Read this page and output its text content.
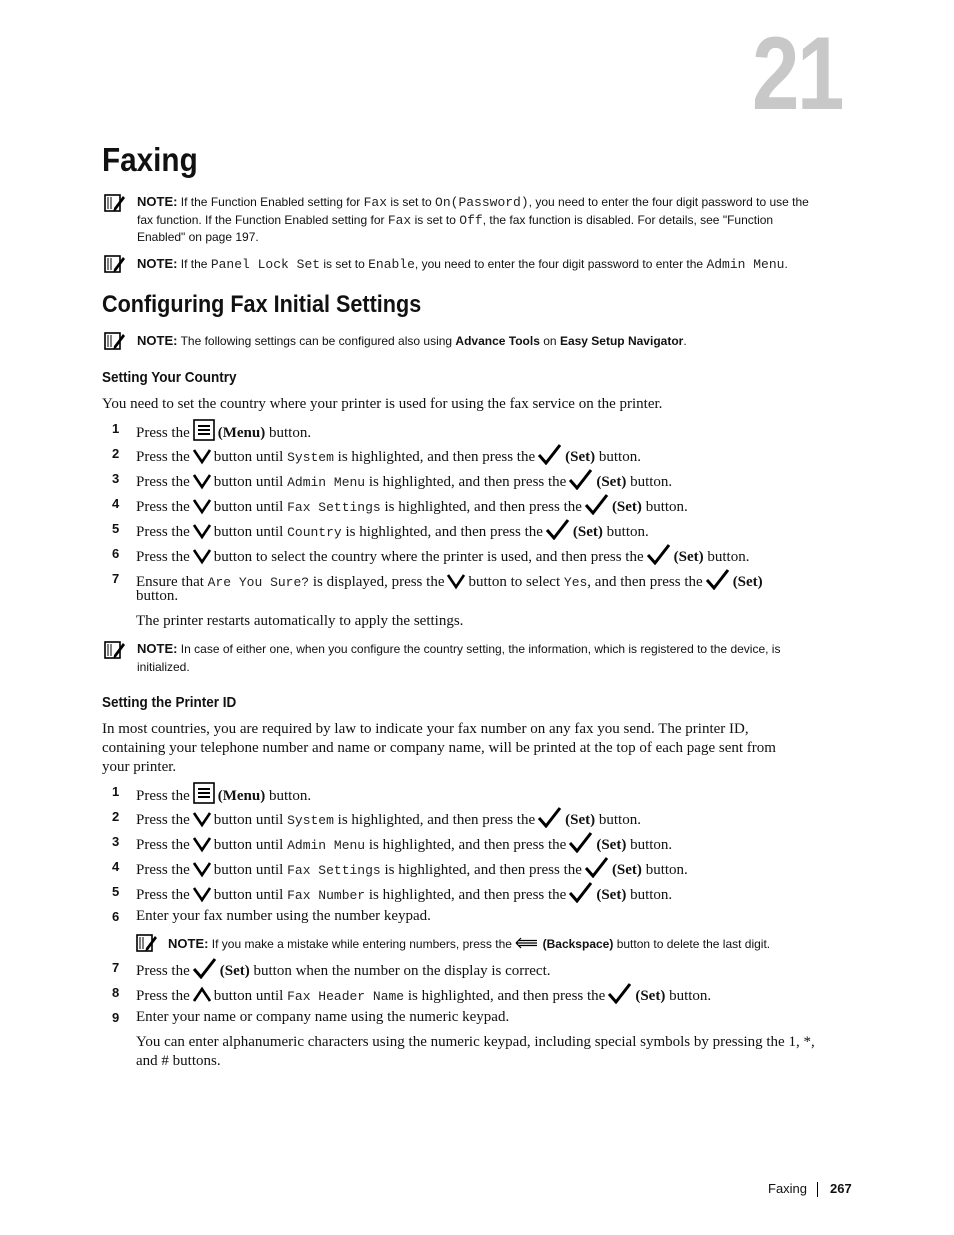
21
Faxing
NOTE: If the Function Enabled setting for Fax is set to On(Password), you need to enter the four digit password to use the
fax function. If the Function Enabled setting for Fax is set to Off, the fax function is disabled. For details, see "Function
Enabled" on page 197.
NOTE: If the Panel Lock Set is set to Enable, you need to enter the four digit password to enter the Admin Menu.
Configuring Fax Initial Settings
NOTE: The following settings can be configured also using Advance Tools on Easy Setup Navigator.
Setting Your Country
You need to set the country where your printer is used for using the fax service on the printer.
1 Press the (Menu) button.
2 Press the button until System is highlighted, and then press the (Set) button.
3 Press the button until Admin Menu is highlighted, and then press the (Set) button.
4 Press the button until Fax Settings is highlighted, and then press the (Set) button.
5 Press the button until Country is highlighted, and then press the (Set) button.
6 Press the button to select the country where the printer is used, and then press the (Set) button.
7 Ensure that Are You Sure? is displayed, press the button to select Yes, and then press the (Set)
button.
The printer restarts automatically to apply the settings.
NOTE: In case of either one, when you configure the country setting, the information, which is registered to the device, is
initialized.
Setting the Printer ID
In most countries, you are required by law to indicate your fax number on any fax you send. The printer ID,
containing your telephone number and name or company name, will be printed at the top of each page sent from
your printer.
1 Press the (Menu) button.
2 Press the button until System is highlighted, and then press the (Set) button.
3 Press the button until Admin Menu is highlighted, and then press the (Set) button.
4 Press the button until Fax Settings is highlighted, and then press the (Set) button.
5 Press the button until Fax Number is highlighted, and then press the (Set) button.
6 Enter your fax number using the number keypad.
NOTE: If you make a mistake while entering numbers, press the	(Backspace) button to delete the last digit.
7 Press the (Set) button when the number on the display is correct.
8 Press the button until Fax Header Name is highlighted, and then press the (Set) button.
9 Enter your name or company name using the numeric keypad.
You can enter alphanumeric characters using the numeric keypad, including special symbols by pressing the 1, *,
and # buttons.
Faxing 267
